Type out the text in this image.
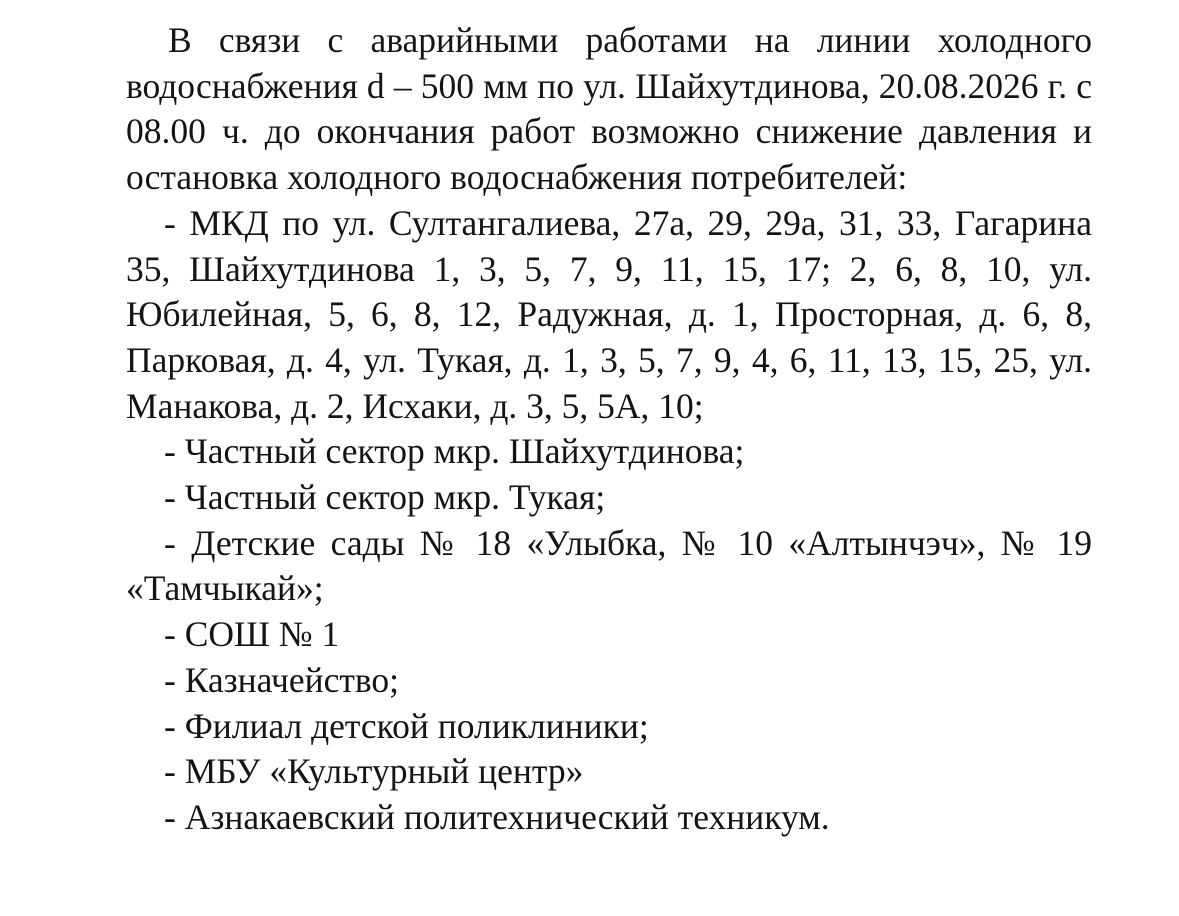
В связи с аварийными работами на линии холодного водоснабжения d – 500 мм по ул. Шайхутдинова, 20.08.2026 г. с 08.00 ч. до окончания работ возможно снижение давления и остановка холодного водоснабжения потребителей:

- МКД по ул. Султангалиева, 27а, 29, 29а, 31, 33, Гагарина 35, Шайхутдинова 1, 3, 5, 7, 9, 11, 15, 17; 2, 6, 8, 10, ул. Юбилейная, 5, 6, 8, 12, Радужная, д. 1, Просторная, д. 6, 8, Парковая, д. 4, ул. Тукая, д. 1, 3, 5, 7, 9, 4, 6, 11, 13, 15, 25, ул. Манакова, д. 2, Исхаки, д. 3, 5, 5А, 10;

- Частный сектор мкр. Шайхутдинова;

- Частный сектор мкр. Тукая;

- Детские сады № 18 «Улыбка, № 10 «Алтынчэч», № 19 «Тамчыкай»;

- СОШ № 1

- Казначейство;

- Филиал детской поликлиники;

- МБУ «Культурный центр»

- Азнакаевский политехнический техникум.
